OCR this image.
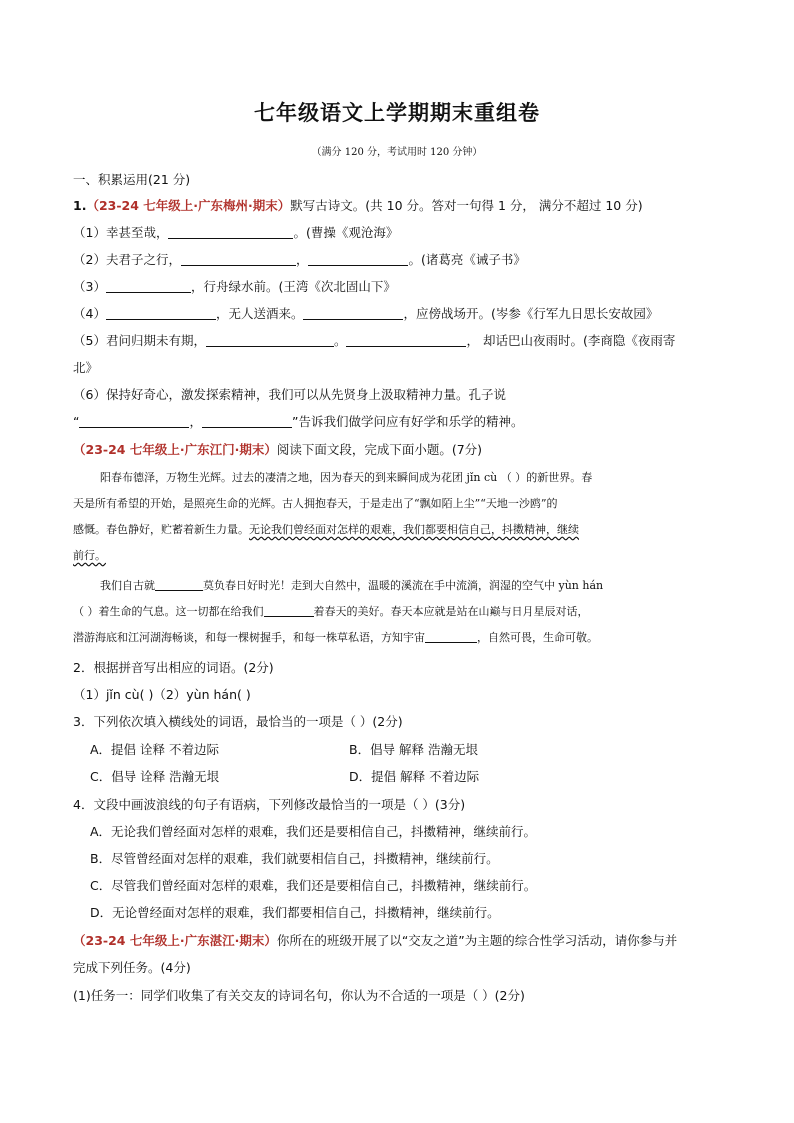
七年级语文上学期期末重组卷
（满分 120 分，考试用时 120 分钟）
一、积累运用(21 分)
1.（23-24 七年级上·广东梅州·期末）默写古诗文。(共 10 分。答对一句得 1 分， 满分不超过 10 分)
（1）幸甚至哉，	。(曹操《观沧海》
（2）夫君子之行，	，	。(诸葛亮《诫子书》
（3）	，行舟绿水前。(王湾《次北固山下》
（4）	，无人送酒来。	，应傍战场开。(岑参《行军九日思长安故园》
（5）君问归期未有期，	。	， 却话巴山夜雨时。(李商隐《夜雨寄
北》
（6）保持好奇心，激发探索精神，我们可以从先贤身上汲取精神力量。孔子说
“	，	”告诉我们做学问应有好学和乐学的精神。
（23-24 七年级上·广东江门·期末）阅读下面文段，完成下面小题。(7分)
阳春布德泽，万物生光辉。过去的凄清之地，因为春天的到来瞬间成为花团 jǐn cù （ ）的新世界。春
天是所有希望的开始，是照亮生命的光辉。古人拥抱春天，于是走出了“飘如陌上尘”“天地一沙鸥”的
感慨。春色静好，贮蓄着新生力量。无论我们曾经面对怎样的艰难，我们都要相信自己，抖擞精神，继续
前行。
我们自古就	莫负春日好时光！走到大自然中，温暖的溪流在手中流淌，润湿的空气中 yùn hán
（ ）着生命的气息。这一切都在给我们	着春天的美好。春天本应就是站在山巅与日月星辰对话，
潜游海底和江河湖海畅谈，和每一棵树握手，和每一株草私语，方知宇宙	，自然可畏，生命可敬。
2．根据拼音写出相应的词语。(2分)
（1）jǐn cù( )（2）yùn hán( )
3．下列依次填入横线处的词语，最恰当的一项是（ ）(2分)
A．提倡 诠释 不着边际	B．倡导 解释 浩瀚无垠
C．倡导 诠释 浩瀚无垠	D．提倡 解释 不着边际
4．文段中画波浪线的句子有语病，下列修改最恰当的一项是（ ）(3分)
A．无论我们曾经面对怎样的艰难，我们还是要相信自己，抖擞精神，继续前行。
B．尽管曾经面对怎样的艰难，我们就要相信自己，抖擞精神，继续前行。
C．尽管我们曾经面对怎样的艰难，我们还是要相信自己，抖擞精神，继续前行。
D．无论曾经面对怎样的艰难，我们都要相信自己，抖擞精神，继续前行。
（23-24 七年级上·广东湛江·期末）你所在的班级开展了以“交友之道”为主题的综合性学习活动，请你参与并
完成下列任务。(4分)
(1)任务一：同学们收集了有关交友的诗词名句，你认为不合适的一项是（ ）(2分)
